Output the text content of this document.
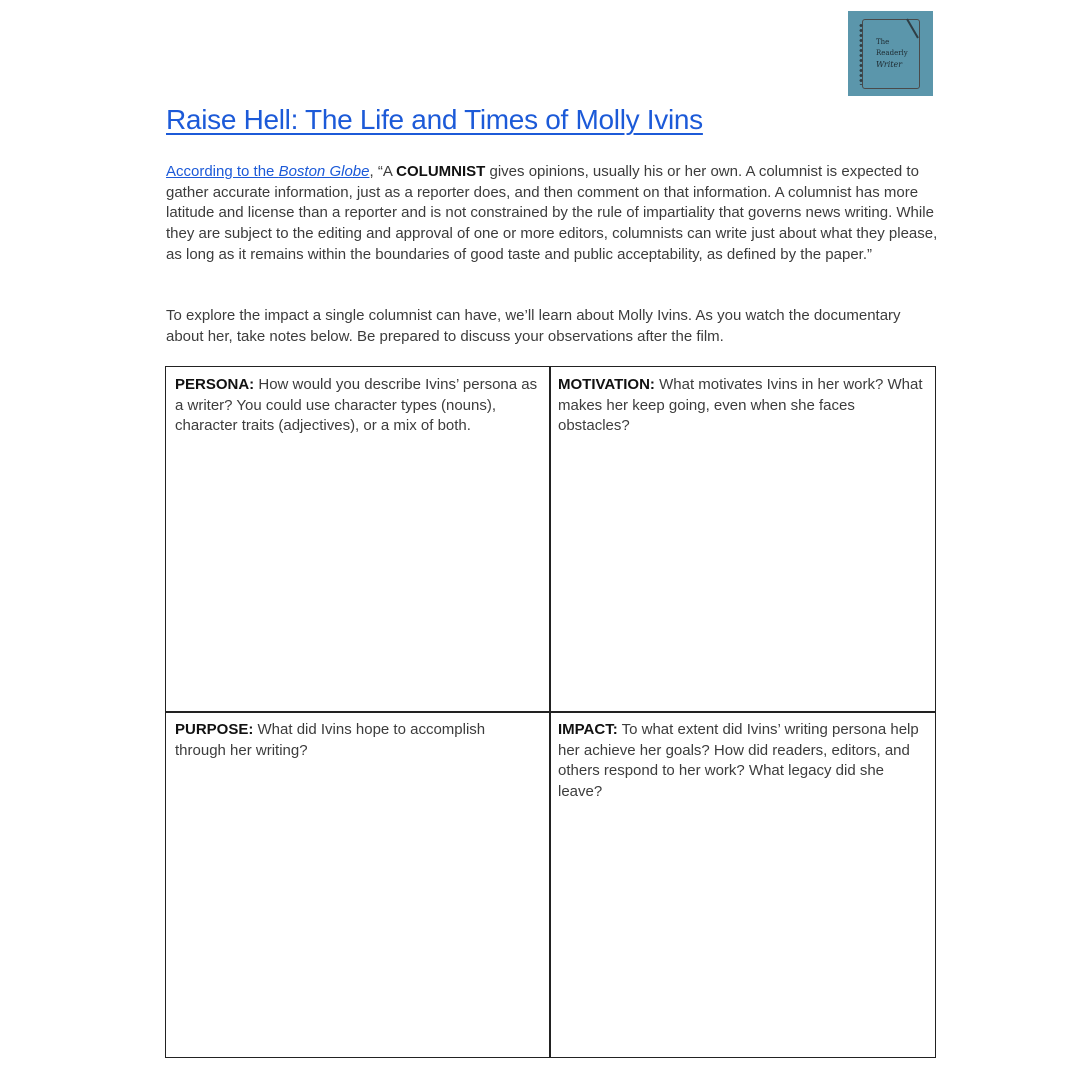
The
Readerly
Writer
Raise Hell: The Life and Times of Molly Ivins

According to the Boston Globe, “A COLUMNIST gives opinions, usually his or her own. A columnist is expected to gather accurate information, just as a reporter does, and then comment on that information. A columnist has more latitude and license than a reporter and is not constrained by the rule of impartiality that governs news writing. While they are subject to the editing and approval of one or more editors, columnists can write just about what they please, as long as it remains within the boundaries of good taste and public acceptability, as defined by the paper.”

To explore the impact a single columnist can have, we’ll learn about Molly Ivins. As you watch the documentary about her, take notes below. Be prepared to discuss your observations after the film.

PERSONA: How would you describe Ivins’ persona as a writer? You could use character types (nouns), character traits (adjectives), or a mix of both.
MOTIVATION: What motivates Ivins in her work? What makes her keep going, even when she faces obstacles?
PURPOSE: What did Ivins hope to accomplish through her writing?
IMPACT: To what extent did Ivins’ writing persona help her achieve her goals? How did readers, editors, and others respond to her work? What legacy did she leave?
